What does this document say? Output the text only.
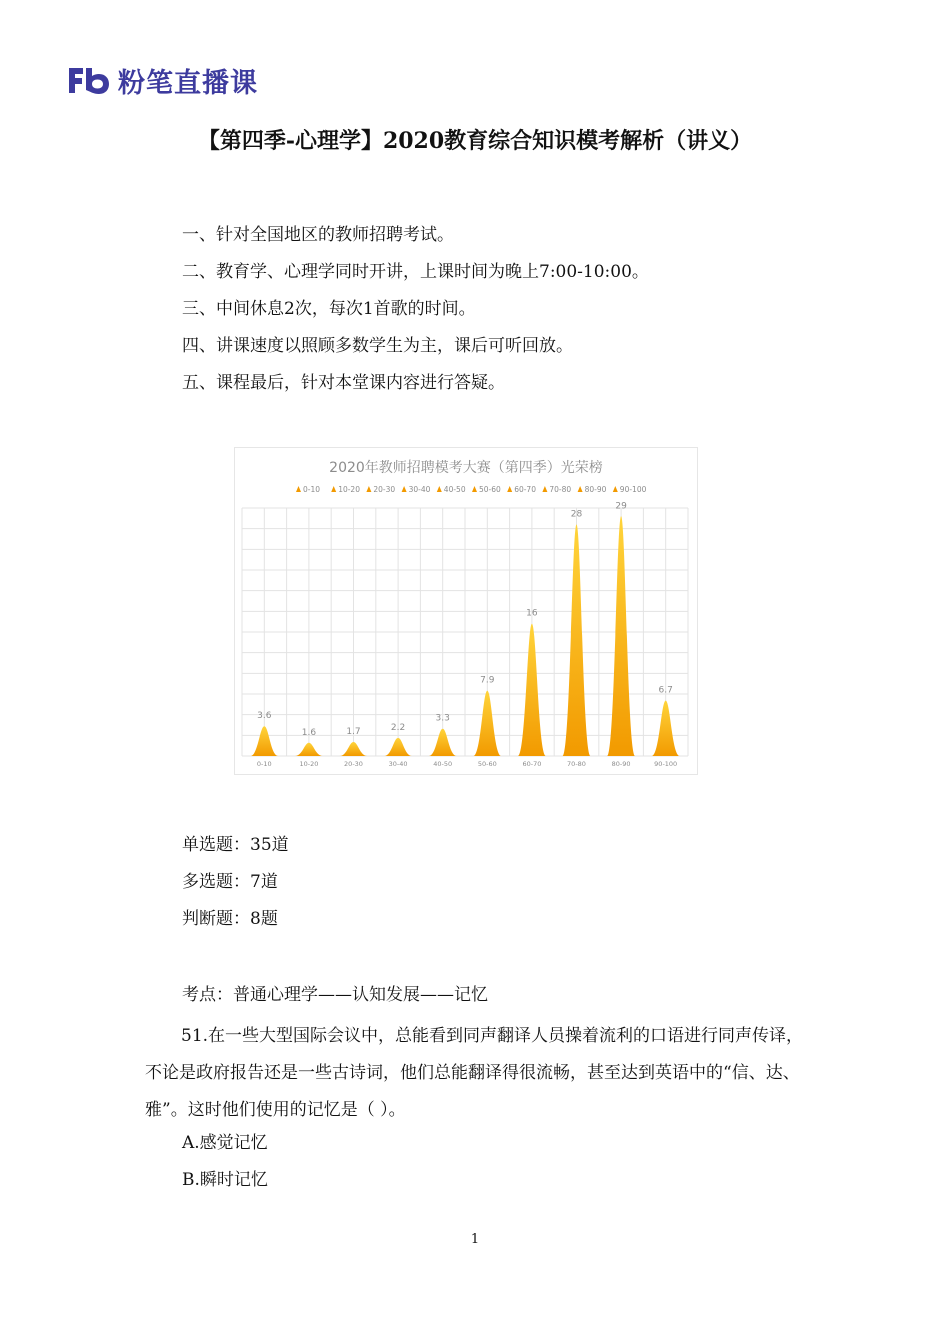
粉笔直播课
【第四季-心理学】2020教育综合知识模考解析（讲义）
一、针对全国地区的教师招聘考试。
二、教育学、心理学同时开讲，上课时间为晚上7:00-10:00。
三、中间休息2次，每次1首歌的时间。
四、讲课速度以照顾多数学生为主，课后可听回放。
五、课程最后，针对本堂课内容进行答疑。
2020年教师招聘模考大赛（第四季）光荣榜
0-10 10-20 20-30 30-40 40-50 50-60 60-70 70-80 80-90 90-100
3.6
1.6	1.7	2.2
3.3
7.9
16
28
29
6.7
0-10	10-20	20-30	30-40	40-50	50-60	60-70	70-80	80-90	90-100
单选题：35道
多选题：7道
判断题：8题
考点：普通心理学——认知发展——记忆

51.在一些大型国际会议中，总能看到同声翻译人员操着流利的口语进行同声传译，不论是政府报告还是一些古诗词，他们总能翻译得很流畅，甚至达到英语中的“信、达、雅”。这时他们使用的记忆是（ ）。

A.感觉记忆
B.瞬时记忆
1
